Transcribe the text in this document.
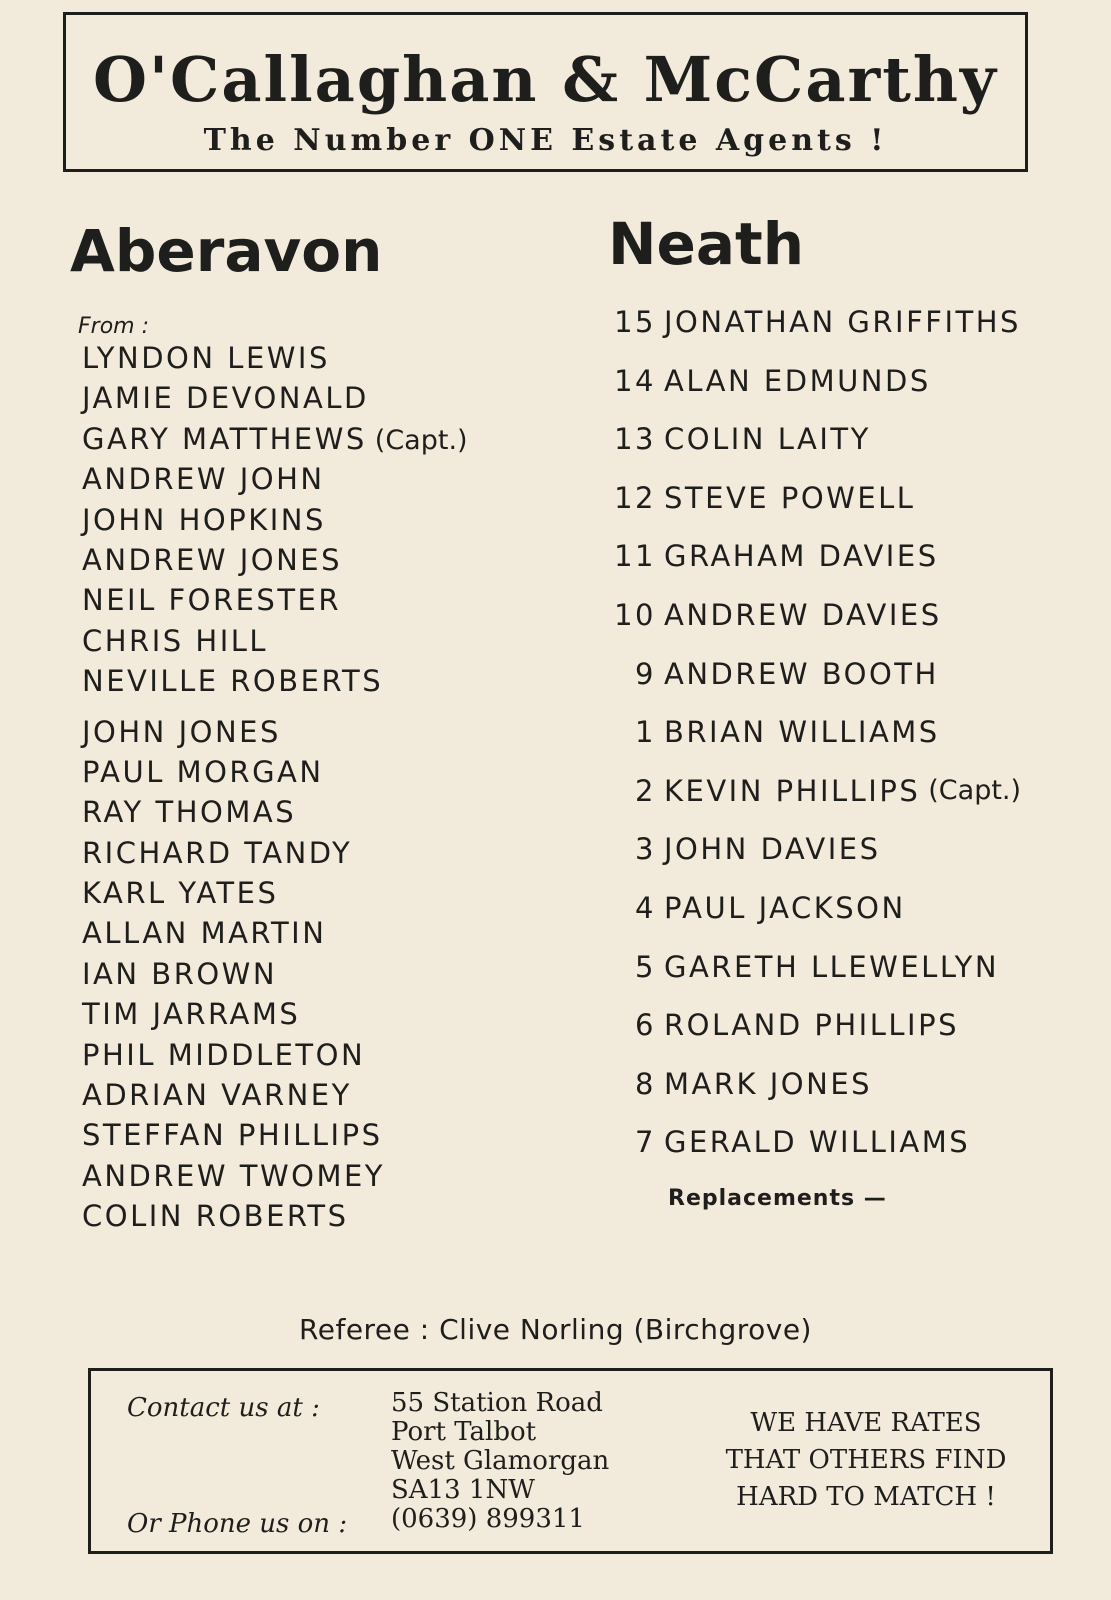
O'Callaghan & McCarthy
The Number ONE Estate Agents !
Aberavon	Neath
From :
LYNDON LEWIS
JAMIE DEVONALD
GARY MATTHEWS (Capt.)
ANDREW JOHN
JOHN HOPKINS
ANDREW JONES
NEIL FORESTER
CHRIS HILL
NEVILLE ROBERTS
JOHN JONES
PAUL MORGAN
RAY THOMAS
RICHARD TANDY
KARL YATES
ALLAN MARTIN
IAN BROWN
TIM JARRAMS
PHIL MIDDLETON
ADRIAN VARNEY
STEFFAN PHILLIPS
ANDREW TWOMEY
COLIN ROBERTS
15 JONATHAN GRIFFITHS
14 ALAN EDMUNDS
13 COLIN LAITY
12 STEVE POWELL
11 GRAHAM DAVIES
10 ANDREW DAVIES
9 ANDREW BOOTH
1 BRIAN WILLIAMS
2 KEVIN PHILLIPS (Capt.)
3 JOHN DAVIES
4 PAUL JACKSON
5 GARETH LLEWELLYN
6 ROLAND PHILLIPS
8 MARK JONES
7 GERALD WILLIAMS
Replacements —
Referee : Clive Norling (Birchgrove)
Contact us at :
Or Phone us on :
55 Station Road
Port Talbot
West Glamorgan
SA13 1NW
(0639) 899311
WE HAVE RATES
THAT OTHERS FIND
HARD TO MATCH !
